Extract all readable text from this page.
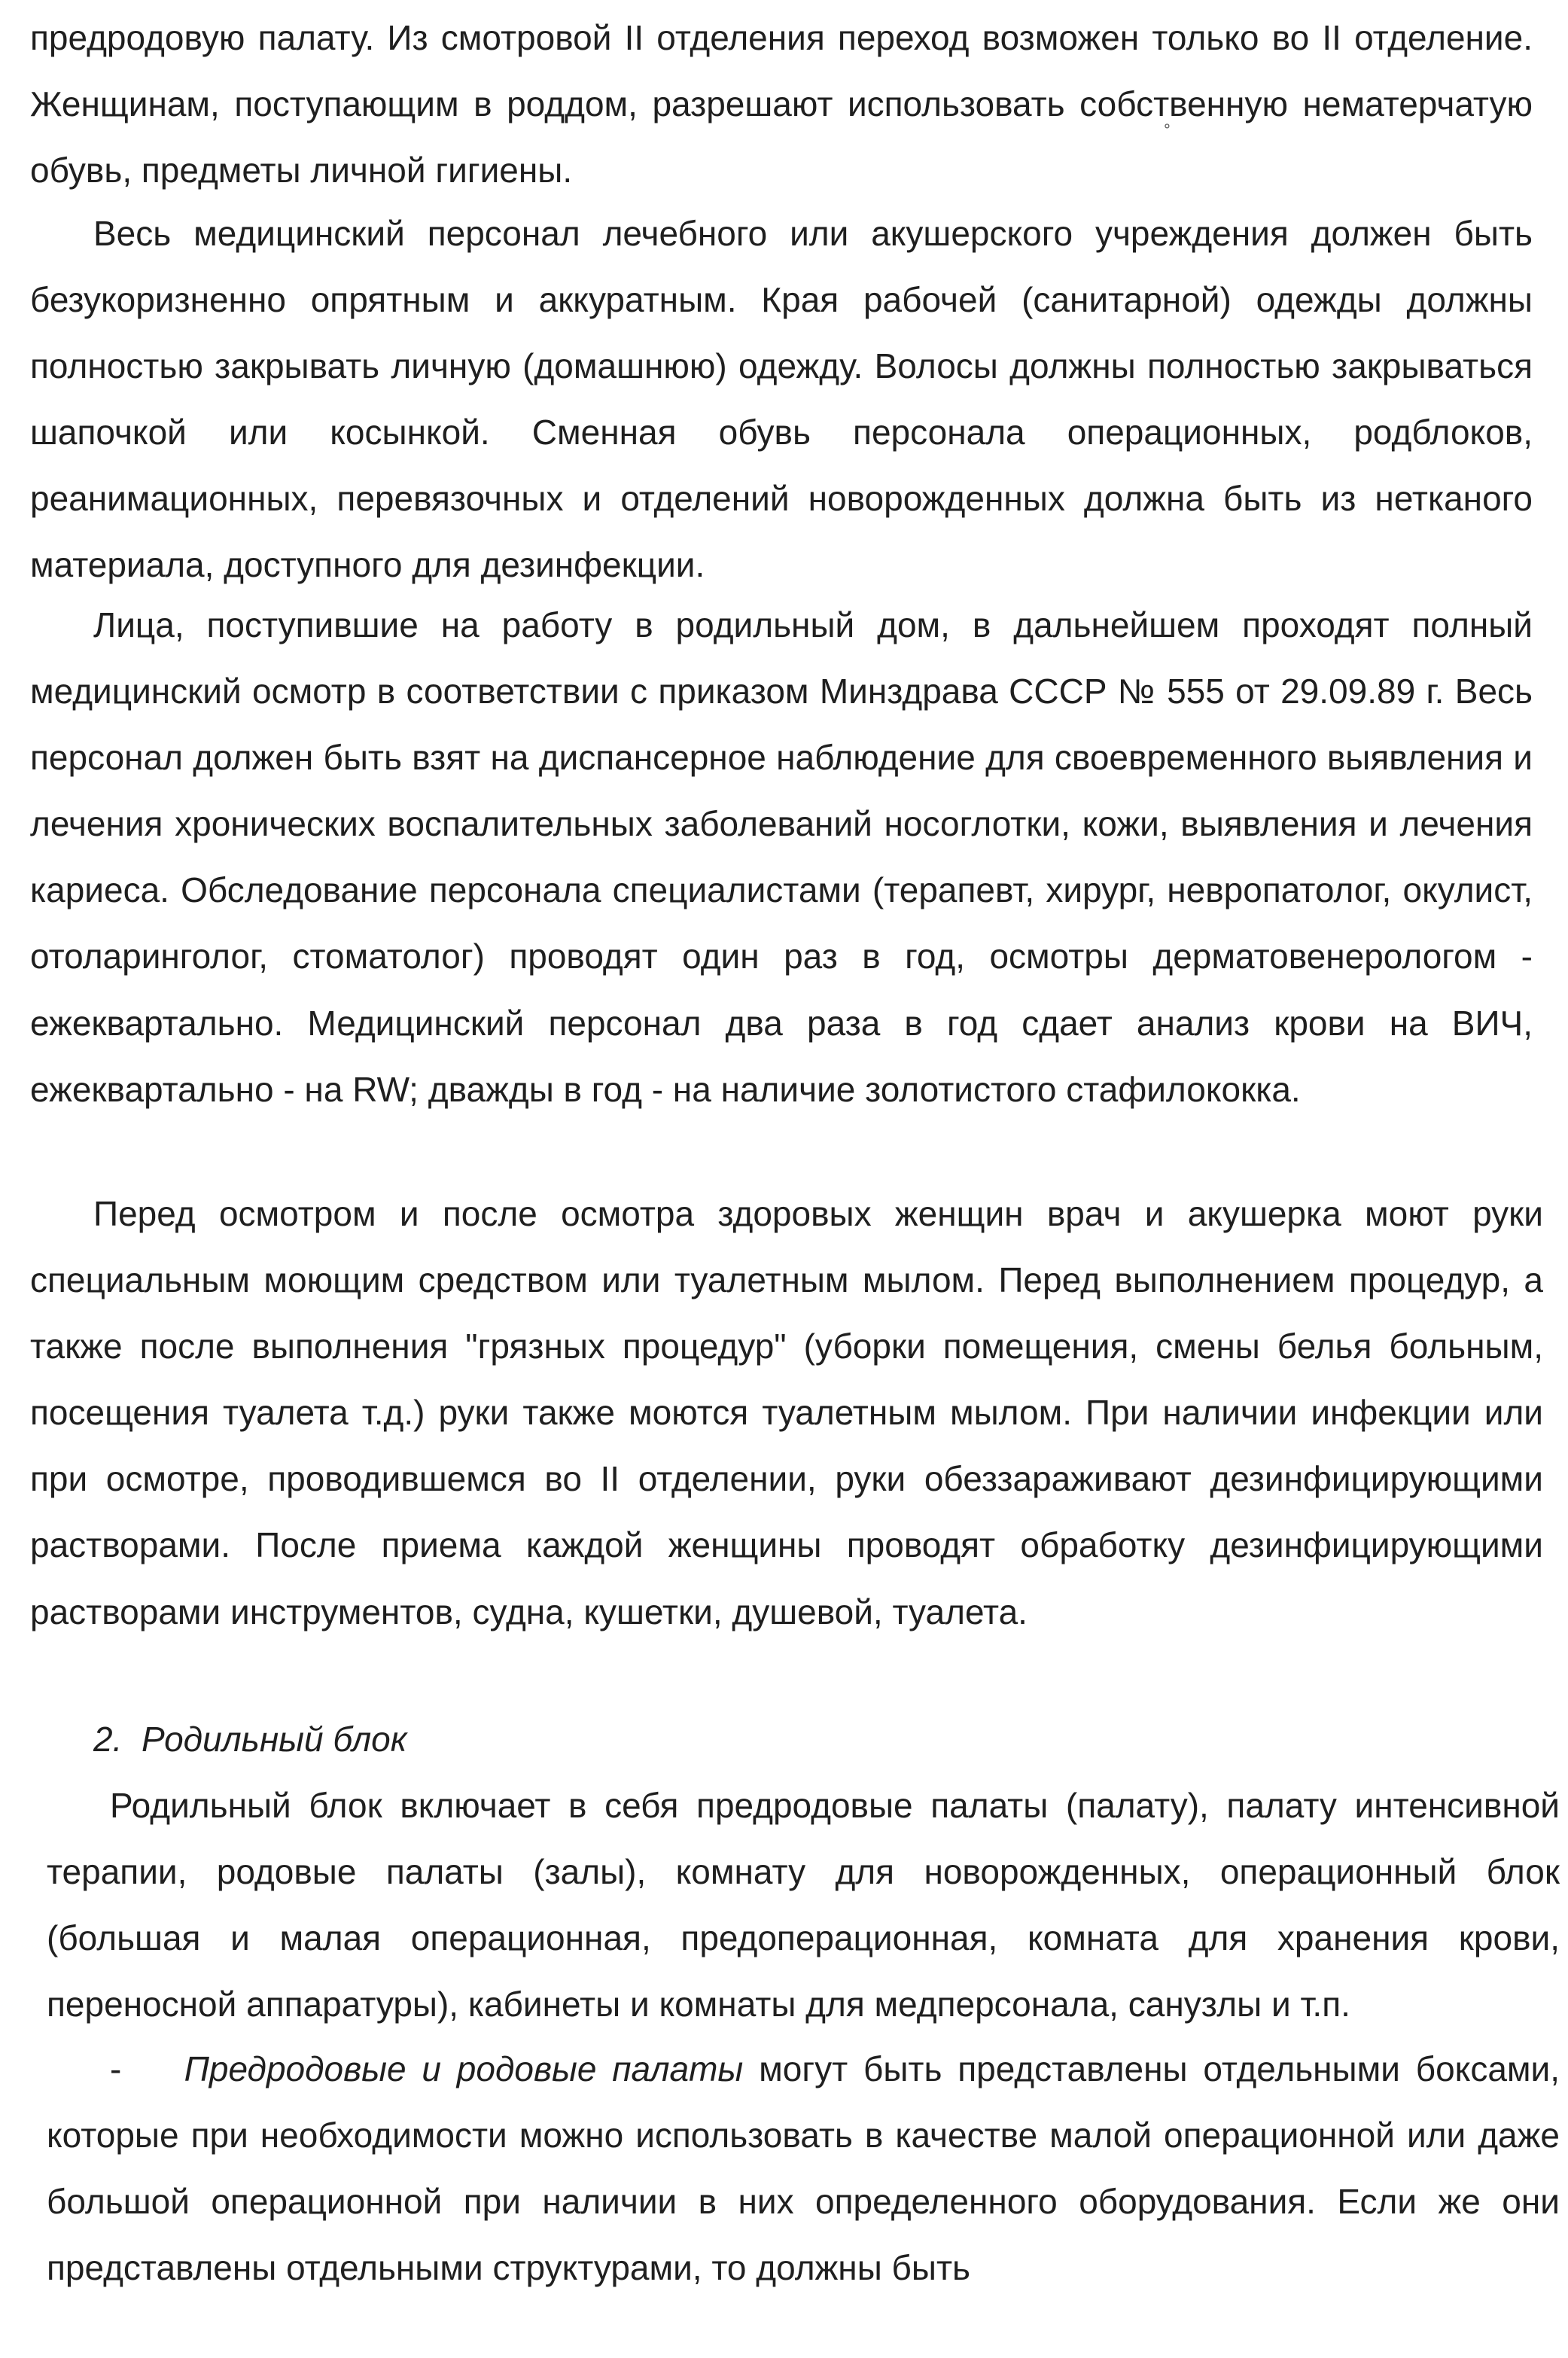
°

предродовую палату. Из смотровой II отделения переход возможен только во II отделение. Женщинам, поступающим в роддом, разрешают использовать собственную нематерчатую обувь, предметы личной гигиены.

Весь медицинский персонал лечебного или акушерского учреждения должен быть безукоризненно опрятным и аккуратным. Края рабочей (санитарной) одежды должны полностью закрывать личную (домашнюю) одежду. Волосы должны полностью закрываться шапочкой или косынкой. Сменная обувь персонала операционных, родблоков, реанимационных, перевязочных и отделений новорожденных должна быть из нетканого материала, доступного для дезинфекции.

Лица, поступившие на работу в родильный дом, в дальнейшем проходят полный медицинский осмотр в соответствии с приказом Минздрава СССР № 555 от 29.09.89 г. Весь персонал должен быть взят на диспансерное наблюдение для своевременного выявления и лечения хронических воспалительных заболеваний носоглотки, кожи, выявления и лечения кариеса. Обследование персонала специалистами (терапевт, хирург, невропатолог, окулист, отоларинголог, стоматолог) проводят один раз в год, осмотры дерматовенерологом - ежеквартально. Медицинский персонал два раза в год сдает анализ крови на ВИЧ, ежеквартально - на RW; дважды в год - на наличие золотистого стафилококка.

Перед осмотром и после осмотра здоровых женщин врач и акушерка моют руки специальным моющим средством или туалетным мылом. Перед выполнением процедур, а также после выполнения "грязных процедур" (уборки помещения, смены белья больным, посещения туалета т.д.) руки также моются туалетным мылом. При наличии инфекции или при осмотре, проводившемся во II отделении, руки обеззараживают дезинфицирующими растворами. После приема каждой женщины проводят обработку дезинфицирующими растворами инструментов, судна, кушетки, душевой, туалета.

2. Родильный блок

Родильный блок включает в себя предродовые палаты (палату), палату интенсивной терапии, родовые палаты (залы), комнату для новорожденных, операционный блок (большая и малая операционная, предоперационная, комната для хранения крови, переносной аппаратуры), кабинеты и комнаты для медперсонала, санузлы и т.п.

- Предродовые и родовые палаты могут быть представлены отдельными боксами, которые при необходимости можно использовать в качестве малой операционной или даже большой операционной при наличии в них определенного оборудования. Если же они представлены отдельными структурами, то должны быть
